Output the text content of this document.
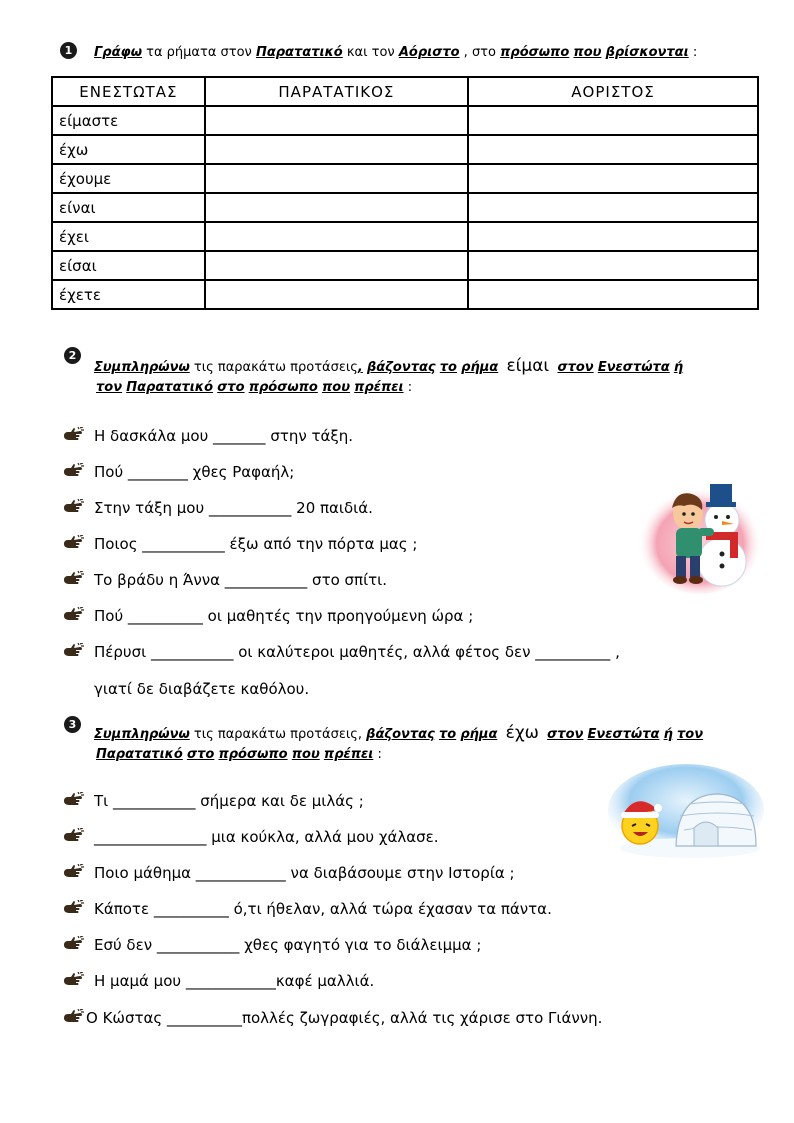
1	Γράφω τα ρήματα στον Παρατατικό και τον Αόριστο , στο πρόσωπο που βρίσκονται :
ΕΝΕΣΤΩΤΑΣ	ΠΑΡΑΤΑΤΙΚΟΣ	ΑΟΡΙΣΤΟΣ
είμαστε		
έχω		
έχουμε		
είναι		
έχει		
είσαι		
έχετε		
2
Συμπληρώνω τις παρακάτω προτάσεις, βάζοντας το ρήμα είμαι στον Ενεστώτα ή
τον Παρατατικό στο πρόσωπο που πρέπει :
Η δασκάλα μου _______ στην τάξη.
Πού ________ χθες Ραφαήλ;
Στην τάξη μου ___________ 20 παιδιά.
Ποιος ___________ έξω από την πόρτα μας ;
Το βράδυ η Άννα ___________ στο σπίτι.
Πού __________ οι μαθητές την προηγούμενη ώρα ;
Πέρυσι ___________ οι καλύτεροι μαθητές, αλλά φέτος δεν __________ ,
γιατί δε διαβάζετε καθόλου.
3
Συμπληρώνω τις παρακάτω προτάσεις, βάζοντας το ρήμα έχω στον Ενεστώτα ή τον
Παρατατικό στο πρόσωπο που πρέπει :
Τι ___________ σήμερα και δε μιλάς ;
_______________ μια κούκλα, αλλά μου χάλασε.
Ποιο μάθημα ____________ να διαβάσουμε στην Ιστορία ;
Κάποτε __________ ό,τι ήθελαν, αλλά τώρα έχασαν τα πάντα.
Εσύ δεν ___________ χθες φαγητό για το διάλειμμα ;
Η μαμά μου ____________καφέ μαλλιά.
Ο Κώστας __________πολλές ζωγραφιές, αλλά τις χάρισε στο Γιάννη.
